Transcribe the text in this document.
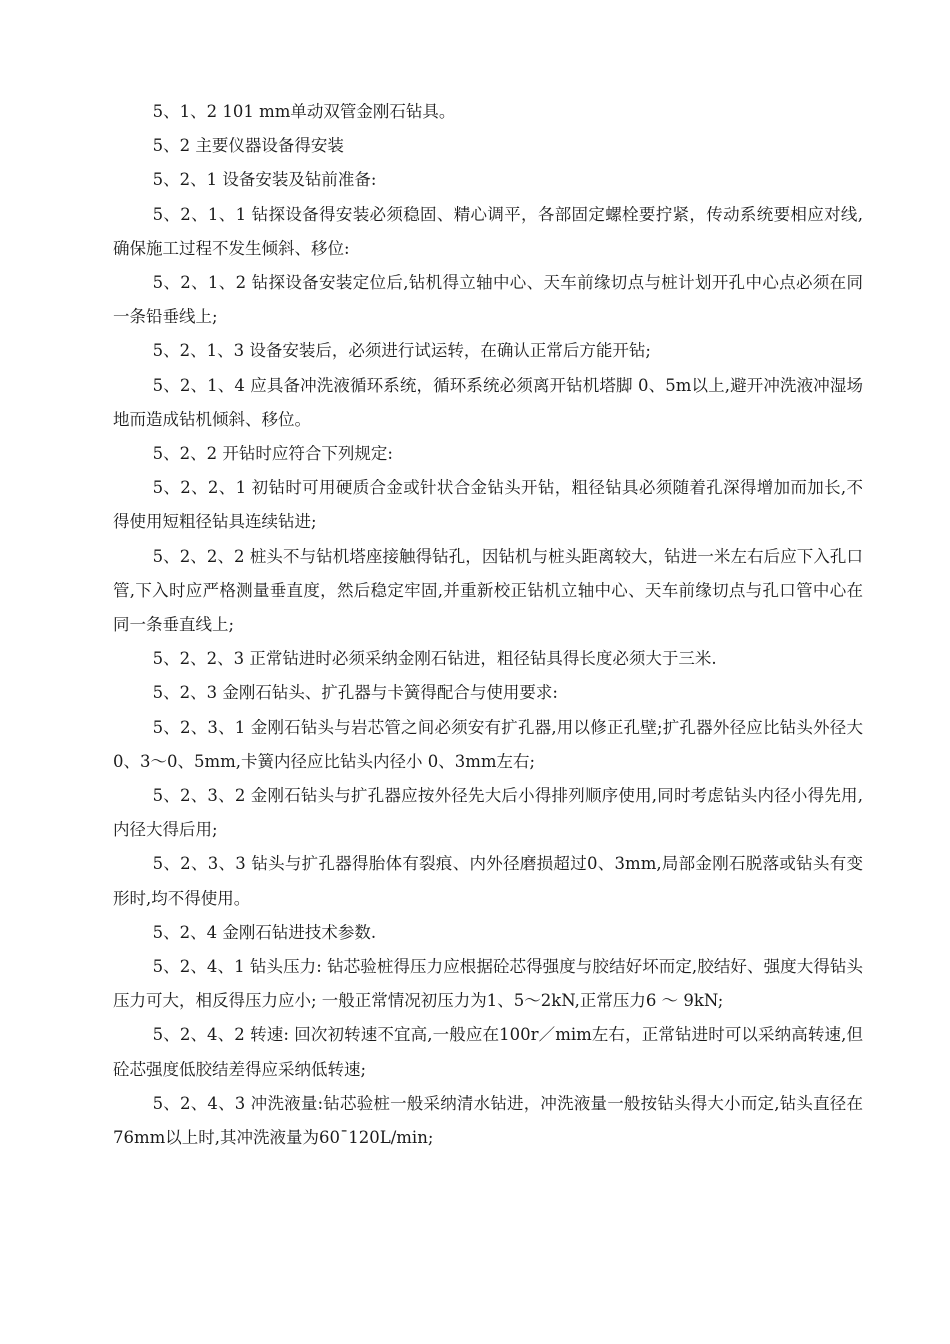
5、1、2 101 mm单动双管金刚石钻具。

5、2 主要仪器设备得安装

5、2、1 设备安装及钻前准备:

5、2、1、1 钻探设备得安装必须稳固、精心调平，各部固定螺栓要拧紧，传动系统要相应对线,确保施工过程不发生倾斜、移位:

5、2、1、2 钻探设备安装定位后,钻机得立轴中心、天车前缘切点与桩计划开孔中心点必须在同一条铅垂线上;

5、2、1、3 设备安装后，必须进行试运转，在确认正常后方能开钻;

5、2、1、4 应具备冲洗液循环系统，循环系统必须离开钻机塔脚 0、5m以上,避开冲洗液冲湿场地而造成钻机倾斜、移位。

5、2、2 开钻时应符合下列规定:

5、2、2、1 初钻时可用硬质合金或针状合金钻头开钻，粗径钻具必须随着孔深得增加而加长,不得使用短粗径钻具连续钻进;

5、2、2、2 桩头不与钻机塔座接触得钻孔，因钻机与桩头距离较大，钻进一米左右后应下入孔口管,下入时应严格测量垂直度，然后稳定牢固,并重新校正钻机立轴中心、天车前缘切点与孔口管中心在同一条垂直线上;

5、2、2、3 正常钻进时必须采纳金刚石钻进，粗径钻具得长度必须大于三米.

5、2、3 金刚石钻头、扩孔器与卡簧得配合与使用要求:

5、2、3、1 金刚石钻头与岩芯管之间必须安有扩孔器,用以修正孔壁;扩孔器外径应比钻头外径大 0、3～0、5mm,卡簧内径应比钻头内径小 0、3mm左右;

5、2、3、2 金刚石钻头与扩孔器应按外径先大后小得排列顺序使用,同时考虑钻头内径小得先用,内径大得后用;

5、2、3、3 钻头与扩孔器得胎体有裂痕、内外径磨损超过0、3mm,局部金刚石脱落或钻头有变形时,均不得使用。

5、2、4 金刚石钻进技术参数.

5、2、4、1 钻头压力: 钻芯验桩得压力应根据砼芯得强度与胶结好坏而定,胶结好、强度大得钻头压力可大，相反得压力应小; 一般正常情况初压力为1、5～2kN,正常压力6 ～ 9kN;

5、2、4、2 转速: 回次初转速不宜高,一般应在100r／mim左右，正常钻进时可以采纳高转速,但砼芯强度低胶结差得应采纳低转速;

5、2、4、3 冲洗液量:钻芯验桩一般采纳清水钻进，冲洗液量一般按钻头得大小而定,钻头直径在76mm以上时,其冲洗液量为60¯120L/min;
